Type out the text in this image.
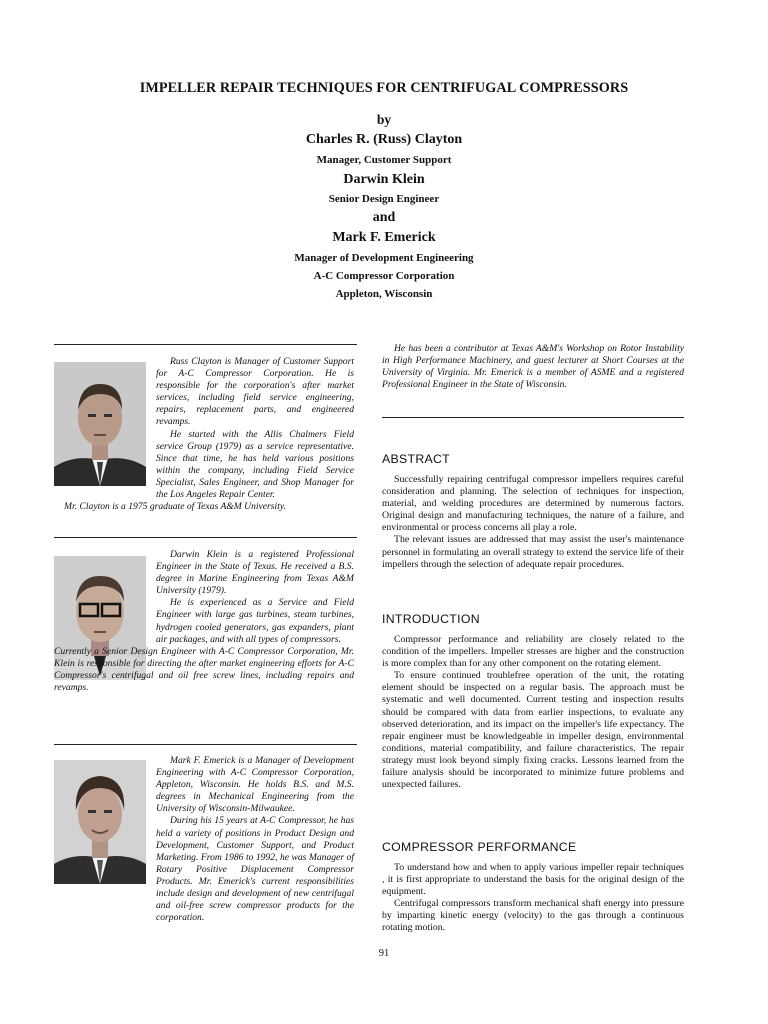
IMPELLER REPAIR TECHNIQUES FOR CENTRIFUGAL COMPRESSORS
by
Charles R. (Russ) Clayton
Manager, Customer Support
Darwin Klein
Senior Design Engineer
and
Mark F. Emerick
Manager of Development Engineering
A-C Compressor Corporation
Appleton, Wisconsin

Russ Clayton is Manager of Customer Support for A-C Compressor Corporation. He is responsible for the corporation's after market services, including field service engineering, repairs, replacement parts, and engineered revamps.

He started with the Allis Chalmers Field service Group (1979) as a service representative. Since that time, he has held various positions within the company, including Field Service Specialist, Sales Engineer, and Shop Manager for the Los Angeles Repair Center.

Mr. Clayton is a 1975 graduate of Texas A&M University.

Darwin Klein is a registered Professional Engineer in the State of Texas. He received a B.S. degree in Marine Engineering from Texas A&M University (1979).

He is experienced as a Service and Field Engineer with large gas turbines, steam turbines, hydrogen cooled generators, gas expanders, plant air packages, and with all types of compressors.

Currently a Senior Design Engineer with A-C Compressor Corporation, Mr. Klein is responsible for directing the after market engineering efforts for A-C Compressor's centrifugal and oil free screw lines, including repairs and revamps.

Mark F. Emerick is a Manager of Development Engineering with A-C Compressor Corporation, Appleton, Wisconsin. He holds B.S. and M.S. degrees in Mechanical Engineering from the University of Wisconsin-Milwaukee.

During his 15 years at A-C Compressor, he has held a variety of positions in Product Design and Development, Customer Support, and Product Marketing. From 1986 to 1992, he was Manager of Rotary Positive Displacement Compressor Products. Mr. Emerick's current responsibilities include design and development of new centrifugal and oil-free screw compressor products for the corporation.

He has been a contributor at Texas A&M's Workshop on Rotor Instability in High Performance Machinery, and guest lecturer at Short Courses at the University of Virginia. Mr. Emerick is a member of ASME and a registered Professional Engineer in the State of Wisconsin.

ABSTRACT

Successfully repairing centrifugal compressor impellers requires careful consideration and planning. The selection of techniques for inspection, material, and welding procedures are determined by numerous factors. Original design and manufacturing techniques, the nature of a failure, and environmental or process concerns all play a role.

The relevant issues are addressed that may assist the user's maintenance personnel in formulating an overall strategy to extend the service life of their impellers through the selection of adequate repair procedures.

INTRODUCTION

Compressor performance and reliability are closely related to the condition of the impellers. Impeller stresses are higher and the construction is more complex than for any other component on the rotating element.

To ensure continued troublefree operation of the unit, the rotating element should be inspected on a regular basis. The approach must be systematic and well documented. Current testing and inspection results should be compared with data from earlier inspections, to evaluate any observed deterioration, and its impact on the impeller's life expectancy. The repair engineer must be knowledgeable in impeller design, environmental conditions, material compatibility, and failure characteristics. The repair strategy must look beyond simply fixing cracks. Lessons learned from the failure analysis should be incorporated to minimize future problems and unexpected failures.

COMPRESSOR PERFORMANCE

To understand how and when to apply various impeller repair techniques , it is first appropriate to understand the basis for the original design of the equipment.

Centrifugal compressors transform mechanical shaft energy into pressure by imparting kinetic energy (velocity) to the gas through a continuous rotating motion.

91
